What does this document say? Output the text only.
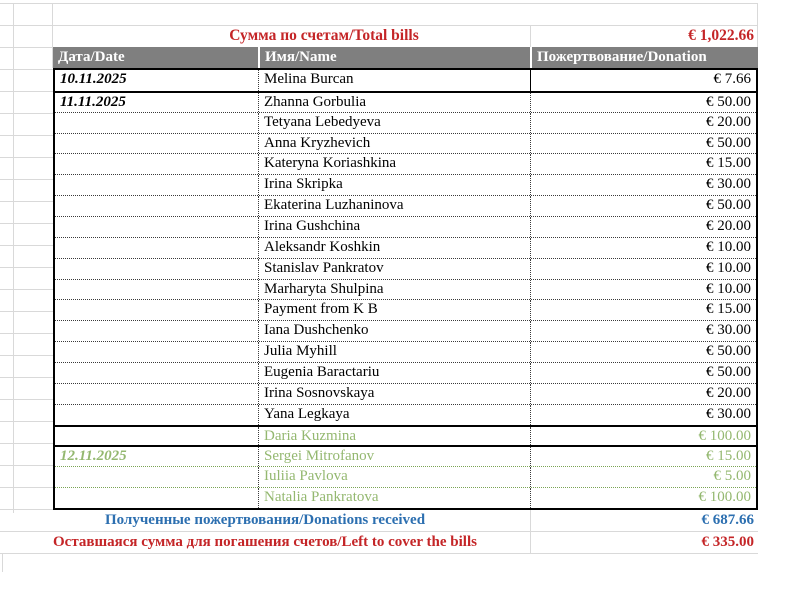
Сумма по счетам/Total bills	€ 1,022.66
Дата/Date	Имя/Name	Пожертвование/Donation
10.11.2025	Melina Burcan	€ 7.66
11.11.2025	Zhanna Gorbulia	€ 50.00
Tetyana Lebedyeva	€ 20.00
Anna Kryzhevich	€ 50.00
Kateryna Koriashkina	€ 15.00
Irina Skripka	€ 30.00
Ekaterina Luzhaninova	€ 50.00
Irina Gushchina	€ 20.00
Aleksandr Koshkin	€ 10.00
Stanislav Pankratov	€ 10.00
Marharyta Shulpina	€ 10.00
Payment from K B	€ 15.00
Iana Dushchenko	€ 30.00
Julia Myhill	€ 50.00
Eugenia Baractariu	€ 50.00
Irina Sosnovskaya	€ 20.00
Yana Legkaya	€ 30.00
Daria Kuzmina	€ 100.00
12.11.2025	Sergei Mitrofanov	€ 15.00
Iuliia Pavlova	€ 5.00
Natalia Pankratova	€ 100.00
Полученные пожертвования/Donations received	€ 687.66
Оставшаяся сумма для погашения счетов/Left to cover the bills	€ 335.00
